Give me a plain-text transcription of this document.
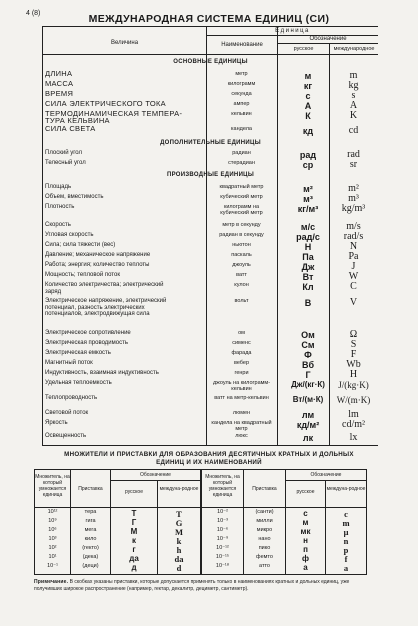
4 (8)	МЕЖДУНАРОДНАЯ СИСТЕМА ЕДИНИЦ (СИ)
Величина
Единица
Наименование
Обозначение
русское	международное
ОСНОВНЫЕ ЕДИНИЦЫ
ДЛИНА	метр	м	m
МАССА	килограмм	кг	kg
ВРЕМЯ	секунда	с	s
СИЛА ЭЛЕКТРИЧЕСКОГО ТОКА	ампер	А	A
ТЕРМОДИНАМИЧЕСКАЯ ТЕМПЕРА-ТУРА КЕЛЬВИНА
кельвин	К	K
СИЛА СВЕТА	кандела	кд	cd
ДОПОЛНИТЕЛЬНЫЕ ЕДИНИЦЫ
Плоский угол	радиан	рад	rad
Телесный угол	стерадиан	ср	sr
ПРОИЗВОДНЫЕ ЕДИНИЦЫ
Площадь	квадратный метр	м²	m²
Объем, вместимость	кубический метр	м³	m³
Плотность	килограмм на кубический метр	кг/м³	kg/m³
Скорость	метр в секунду	м/с	m/s
Угловая скорость	радиан в секунду	рад/с	rad/s
Сила; сила тяжести (вес)	ньютон	Н	N
Давление; механическое напряжение	паскаль	Па	Pa
Работа; энергия; количество теплоты	джоуль	Дж	J
Мощность; тепловой поток	ватт	Вт	W
Количество электричества; электрический заряд
кулон	Кл	C
Электрическое напряжение, электрический потенциал, разность электрических потенциалов, электродвижущая сила
вольт	В	V
Электрическое сопротивление	ом	Ом	Ω
Электрическая проводимость	сименс	См	S
Электрическая емкость	фарада	Ф	F
Магнитный поток	вебер	Вб	Wb
Индуктивность, взаимная индуктивность	генри	Г	H
Удельная теплоемкость	джоуль на килограмм-кельвин	Дж/(кг·К)	J/(kg·K)
Теплопроводность	ватт на метр-кельвин	Вт/(м·К)	W/(m·K)
Световой поток	люмен	лм	lm
Яркость	кандела на квадратный метр	кд/м²	cd/m²
Освещенность	люкс	лк	lx
МНОЖИТЕЛИ И ПРИСТАВКИ ДЛЯ ОБРАЗОВАНИЯ ДЕСЯТИЧНЫХ КРАТНЫХ И ДОЛЬНЫХ
ЕДИНИЦ И ИХ НАИМЕНОВАНИЙ
Множитель, на который умножается единица
Приставка
Обозначение
русское	междуна-родное
Множитель, на который умножается единица
Приставка
Обозначение
русское	междуна-родное
10¹²	тера	Т	T	10⁻²	(санти)	с	c
10⁹	гига	Г	G	10⁻³	милли	м	m
10⁶	мега	М	M	10⁻⁶	микро	мк	μ
10³	кило	к	k	10⁻⁹	нано	н	n
10²	(гекто)	г	h	10⁻¹²	пико	п	p
10¹	(дека)	да	da	10⁻¹⁵	фемто	ф	f
10⁻¹	(деци)	д	d	10⁻¹⁸	атто	а	a
Примечание. В скобках указаны приставки, которые допускается применять только в наименованиях кратных и дольных единиц, уже получивших широкое распространение (например, гектар, декалитр, дециметр, сантиметр).
